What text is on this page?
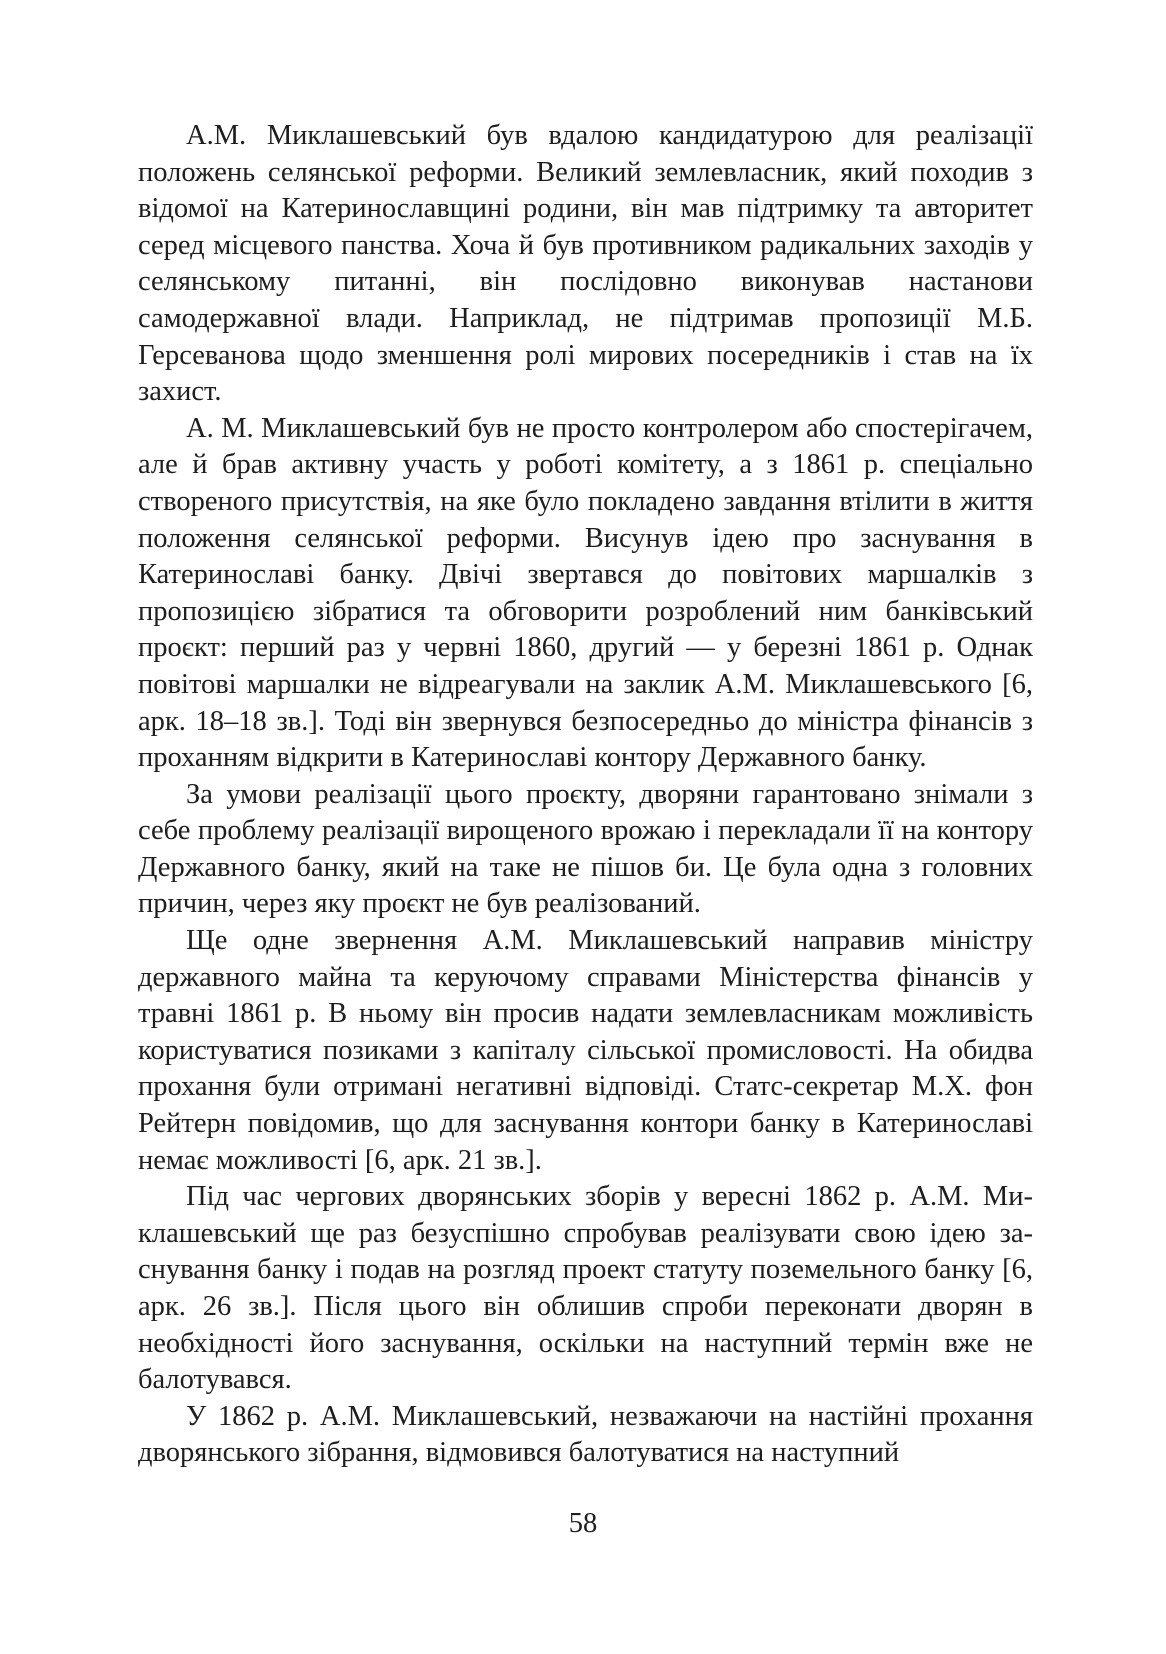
А.М. Миклашевський був вдалою кандидатурою для реалізації положень селянської реформи. Великий землевласник, який походив з відомої на Катеринославщині родини, він мав підтримку та авторитет серед місцевого панства. Хоча й був противником радикальних заходів у селянському питанні, він послідовно виконував настанови самодержавної влади. Наприклад, не підтримав пропозиції М.Б. Герсеванова щодо зменшення ролі мирових посередників і став на їх захист.

А. М. Миклашевський був не просто контролером або спостерігачем, але й брав активну участь у роботі комітету, а з 1861 р. спеціально створеного присутствія, на яке було покладено завдання втілити в життя положення селянської реформи. Висунув ідею про заснування в Катеринославі банку. Двічі звертався до повітових маршалків з пропозицією зібратися та обговорити розроблений ним банківський проєкт: перший раз у червні 1860, другий — у березні 1861 р. Однак повітові маршалки не відреагували на заклик А.М. Миклашевського [6, арк. 18–18 зв.]. Тоді він звернувся безпосередньо до міністра фінансів з проханням відкрити в Катеринославі контору Державного банку.

За умови реалізації цього проєкту, дворяни гарантовано знімали з себе проблему реалізації вирощеного врожаю і перекладали її на контору Державного банку, який на таке не пішов би. Це була одна з головних причин, через яку проєкт не був реалізований.

Ще одне звернення А.М. Миклашевський направив міністру державного майна та керуючому справами Міністерства фінансів у травні 1861 р. В ньому він просив надати землевласникам можливість користуватися позиками з капіталу сільської промисловості. На обидва прохання були отримані негативні відповіді. Статс-секретар М.Х. фон Рейтерн повідомив, що для заснування контори банку в Катеринославі немає можливості [6, арк. 21 зв.].

Під час чергових дворянських зборів у вересні 1862 р. А.М. Миклашевський ще раз безуспішно спробував реалізувати свою ідею заснування банку і подав на розгляд проект статуту поземельного банку [6, арк. 26 зв.]. Після цього він облишив спроби переконати дворян в необхідності його заснування, оскільки на наступний термін вже не балотувався.

У 1862 р. А.М. Миклашевський, незважаючи на настійні прохання дворянського зібрання, відмовився балотуватися на наступний

58
